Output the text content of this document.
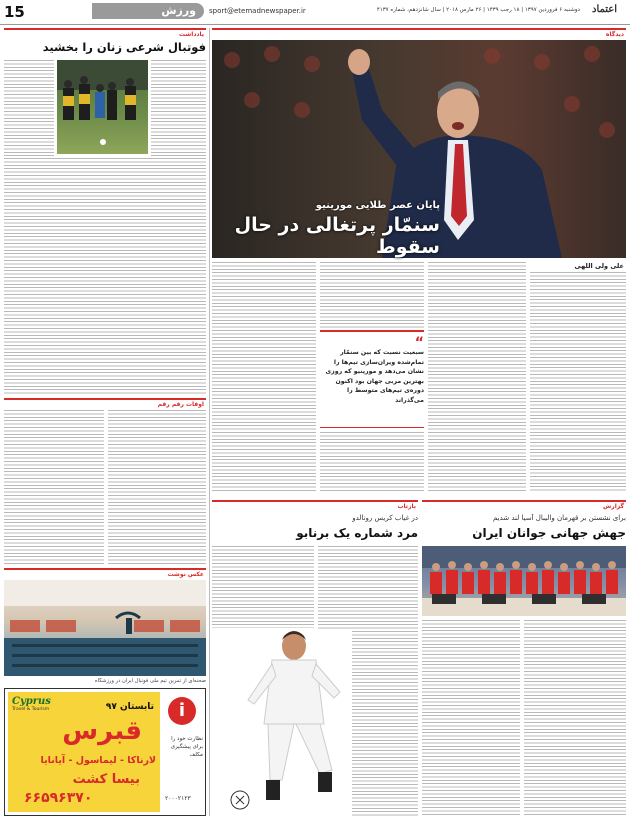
15	ورزش	sport@etemadnewspaper.ir	دوشنبه ۶ فروردین ۱۳۹۷ | ۱۸ رجب ۱۴۳۹ | ۲۶ مارس ۲۰۱۸ | سال شانزدهم، شماره ۴۱۳۷ اعتماد
یادداشت
فوتبال شرعی زنان را بخشید
اوقات رقم رقم
عکس نوشت
صحنه‌ای از تمرین تیم ملی فوتبال ایران در ورزشگاه
Cyprus
Travel & Tourism	تابستان ۹۷
قبرس
لارناکا - لیماسول - آیانایا
بیسا کشت
۶۶۵۹۶۳۷۰
i
نظارت خود را برای پیشگیری مکلف
۲۰۰۰۲۱۲۳
دیدگاه
پایان عصر طلایی مورینیو
سنمّار پرتغالی در حال سقوط
علی ولی اللهی
“

سبعیت نسبت که بین سنمّار تمام‌شده ویران‌سازی تیم‌ها را نشان می‌دهد و مورینیو که روزی بهترین مربی جهان بود اکنون دوره‌ی تیم‌های متوسط را می‌گذراند

بازتاب
در غیاب کریس رونالدو
مرد شماره یک برنابو
گزارش
برای نشستن بر قهرمان والیبال آسیا لند شدیم
جهش جهانی جوانان ایران
